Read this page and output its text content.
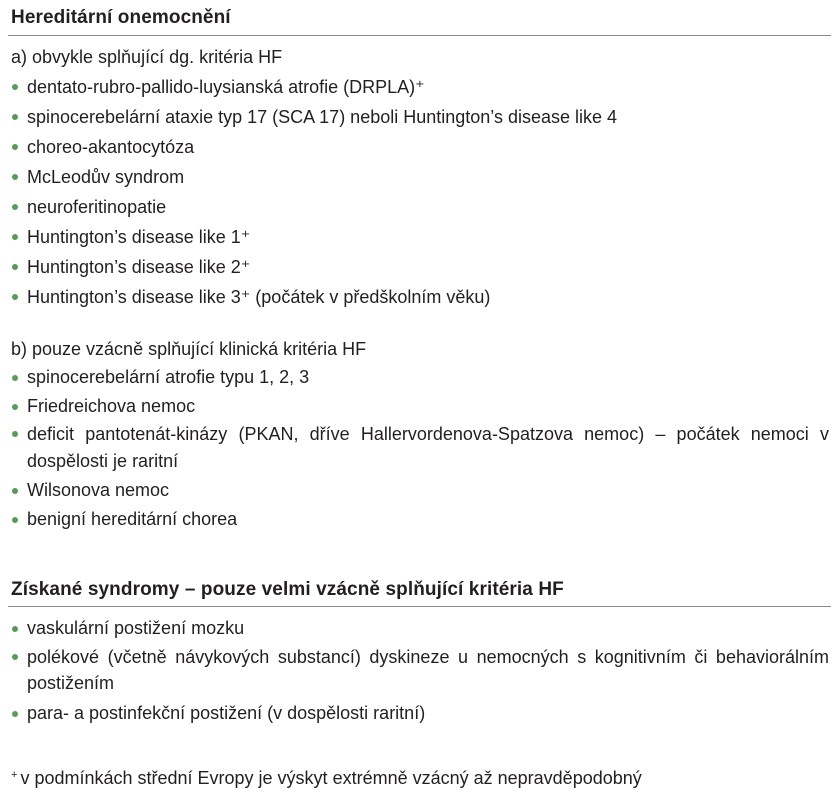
Hereditární onemocnění

a) obvykle splňující dg. kritéria HF

dentato-rubro-pallido-luysianská atrofie (DRPLA)⁺
spinocerebelární ataxie typ 17 (SCA 17) neboli Huntington’s disease like 4
choreo-akantocytóza
McLeodův syndrom
neuroferitinopatie
Huntington’s disease like 1⁺
Huntington’s disease like 2⁺
Huntington’s disease like 3⁺ (počátek v předškolním věku)

b) pouze vzácně splňující klinická kritéria HF

spinocerebelární atrofie typu 1, 2, 3
Friedreichova nemoc
deficit pantotenát-kinázy (PKAN, dříve Hallervordenova-Spatzova nemoc) – počátek nemoci v dospělosti je raritní
Wilsonova nemoc
benigní hereditární chorea
Získané syndromy – pouze velmi vzácně splňující kritéria HF
vaskulární postižení mozku
polékové (včetně návykových substancí) dyskineze u nemocných s kognitivním či behaviorálním postižením
para- a postinfekční postižení (v dospělosti raritní)

+ v podmínkách střední Evropy je výskyt extrémně vzácný až nepravděpodobný
